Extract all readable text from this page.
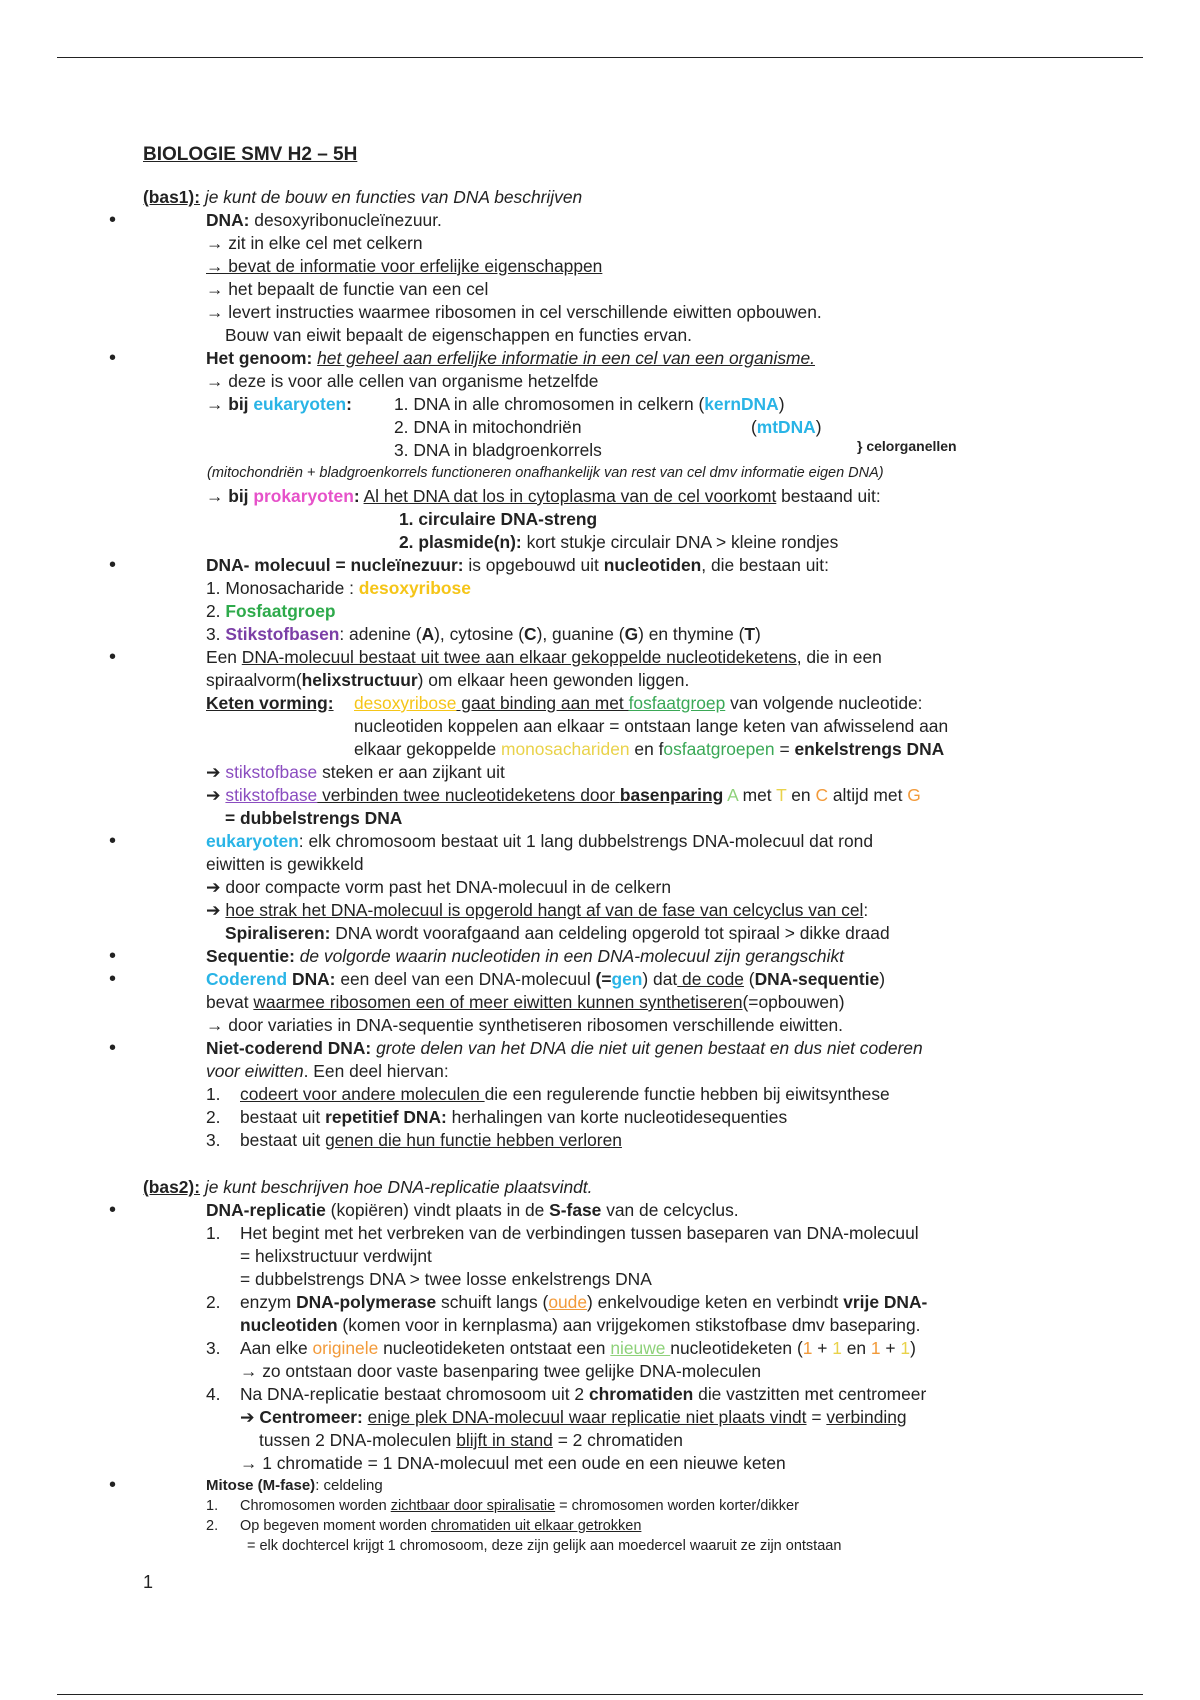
BIOLOGIE SMV H2 – 5H
(bas1): je kunt de bouw en functies van DNA beschrijven
• DNA: desoxyribonucleïnezuur.
→ zit in elke cel met celkern
→ bevat de informatie voor erfelijke eigenschappen
→ het bepaalt de functie van een cel
→ levert instructies waarmee ribosomen in cel verschillende eiwitten opbouwen.
Bouw van eiwit bepaalt de eigenschappen en functies ervan.
• Het genoom: het geheel aan erfelijke informatie in een cel van een organisme.
→ deze is voor alle cellen van organisme hetzelfde
→ bij eukaryoten: 1. DNA in alle chromosomen in celkern (kernDNA)
2. DNA in mitochondriën	(mtDNA)
3. DNA in bladgroenkorrels	} celorganellen
(mitochondriën + bladgroenkorrels functioneren onafhankelijk van rest van cel dmv informatie eigen DNA)
→ bij prokaryoten: Al het DNA dat los in cytoplasma van de cel voorkomt bestaand uit:
1. circulaire DNA-streng
2. plasmide(n): kort stukje circulair DNA > kleine rondjes
• DNA- molecuul = nucleïnezuur: is opgebouwd uit nucleotiden, die bestaan uit:
1. Monosacharide : desoxyribose
2. Fosfaatgroep
3. Stikstofbasen: adenine (A), cytosine (C), guanine (G) en thymine (T)
• Een DNA-molecuul bestaat uit twee aan elkaar gekoppelde nucleotideketens, die in een
spiraalvorm(helixstructuur) om elkaar heen gewonden liggen.
Keten vorming: desoxyribose gaat binding aan met fosfaatgroep van volgende nucleotide:
nucleotiden koppelen aan elkaar = ontstaan lange keten van afwisselend aan
elkaar gekoppelde monosachariden en fosfaatgroepen = enkelstrengs DNA
➔ stikstofbase steken er aan zijkant uit
➔ stikstofbase verbinden twee nucleotideketens door basenparing A met T en C altijd met G
= dubbelstrengs DNA
• eukaryoten: elk chromosoom bestaat uit 1 lang dubbelstrengs DNA-molecuul dat rond
eiwitten is gewikkeld
➔ door compacte vorm past het DNA-molecuul in de celkern
➔ hoe strak het DNA-molecuul is opgerold hangt af van de fase van celcyclus van cel:
Spiraliseren: DNA wordt voorafgaand aan celdeling opgerold tot spiraal > dikke draad
• Sequentie: de volgorde waarin nucleotiden in een DNA-molecuul zijn gerangschikt
• Coderend DNA: een deel van een DNA-molecuul (=gen) dat de code (DNA-sequentie)
bevat waarmee ribosomen een of meer eiwitten kunnen synthetiseren(=opbouwen)
→ door variaties in DNA-sequentie synthetiseren ribosomen verschillende eiwitten.
• Niet-coderend DNA: grote delen van het DNA die niet uit genen bestaat en dus niet coderen
voor eiwitten. Een deel hiervan:
1. codeert voor andere moleculen die een regulerende functie hebben bij eiwitsynthese
2. bestaat uit repetitief DNA: herhalingen van korte nucleotidesequenties
3. bestaat uit genen die hun functie hebben verloren
(bas2): je kunt beschrijven hoe DNA-replicatie plaatsvindt.
• DNA-replicatie (kopiëren) vindt plaats in de S-fase van de celcyclus.
1. Het begint met het verbreken van de verbindingen tussen baseparen van DNA-molecuul
= helixstructuur verdwijnt
= dubbelstrengs DNA > twee losse enkelstrengs DNA
2. enzym DNA-polymerase schuift langs (oude) enkelvoudige keten en verbindt vrije DNA-
nucleotiden (komen voor in kernplasma) aan vrijgekomen stikstofbase dmv baseparing.
3. Aan elke originele nucleotideketen ontstaat een nieuwe nucleotideketen (1 + 1 en 1 + 1)
→ zo ontstaan door vaste basenparing twee gelijke DNA-moleculen
4. Na DNA-replicatie bestaat chromosoom uit 2 chromatiden die vastzitten met centromeer
➔ Centromeer: enige plek DNA-molecuul waar replicatie niet plaats vindt = verbinding
tussen 2 DNA-moleculen blijft in stand = 2 chromatiden
→ 1 chromatide = 1 DNA-molecuul met een oude en een nieuwe keten
• Mitose (M-fase): celdeling
1. Chromosomen worden zichtbaar door spiralisatie = chromosomen worden korter/dikker
2. Op begeven moment worden chromatiden uit elkaar getrokken
= elk dochtercel krijgt 1 chromosoom, deze zijn gelijk aan moedercel waaruit ze zijn ontstaan
1
